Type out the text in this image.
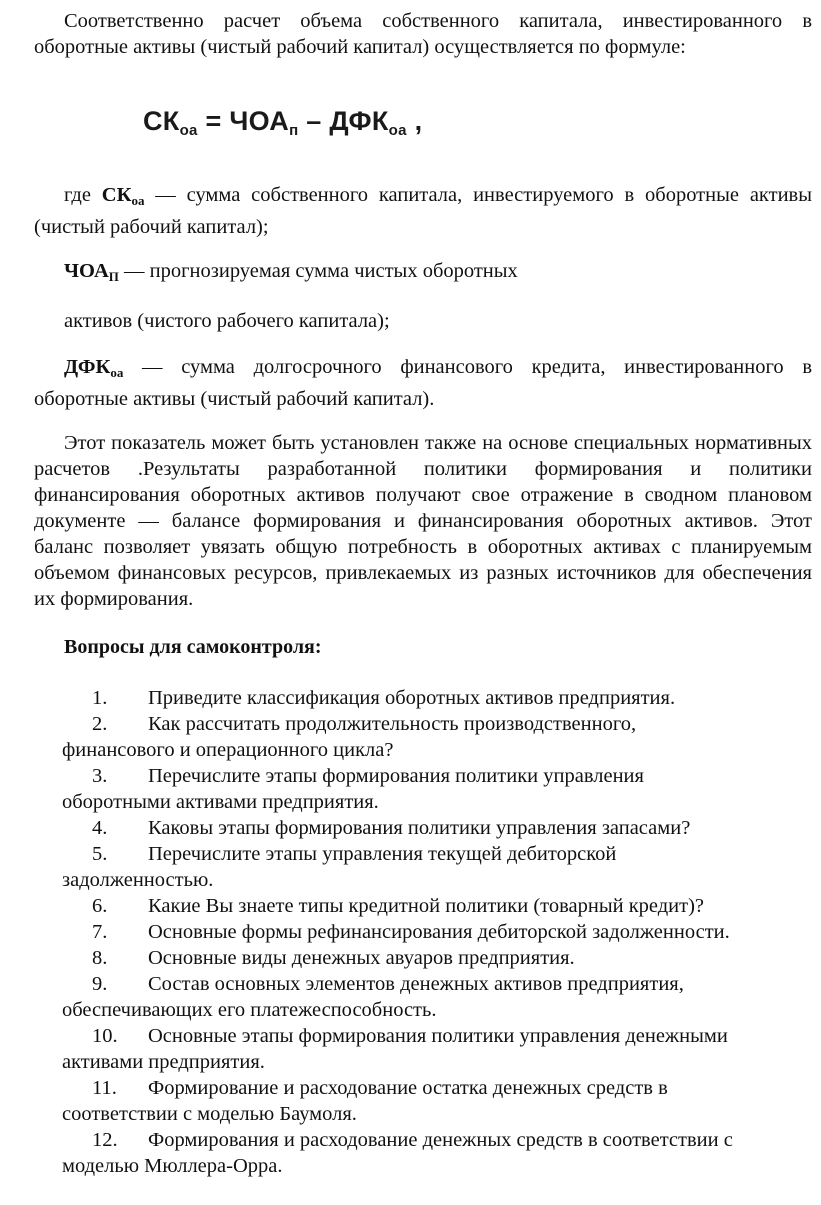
Соответственно расчет объема собственного капитала, инвестированного в оборотные активы (чистый рабочий капитал) осуществляется по формуле:

$СК_{оа} = ЧОА_п - ДФК_{оа}$ ,

где $СК_{оа}$ — сумма собственного капитала, инвестируемого в оборотные активы (чистый рабочий капитал);

$ЧОА_П$ — прогнозируемая сумма чистых оборотных

активов (чистого рабочего капитала);

$ДФК_{оа}$ — сумма долгосрочного финансового кредита, инвестированного в оборотные активы (чистый рабочий капитал).

Этот показатель может быть установлен также на основе специальных нормативных расчетов .Результаты разработанной политики формирования и политики финансирования оборотных активов получают свое отражение в сводном плановом документе — балансе формирования и финансирования оборотных активов. Этот баланс позволяет увязать общую потребность в оборотных активах с планируемым объемом финансовых ресурсов, привлекаемых из разных источников для обеспечения их формирования.

Вопросы для самоконтроля:

1. Приведите классификация оборотных активов предприятия.

2. Как рассчитать продолжительность производственного,
финансового и операционного цикла?

3. Перечислите этапы формирования политики управления
оборотными активами предприятия.

4. Каковы этапы формирования политики управления запасами?

5. Перечислите этапы управления текущей дебиторской
задолженностью.

6. Какие Вы знаете типы кредитной политики (товарный кредит)?

7. Основные формы рефинансирования дебиторской задолженности.

8. Основные виды денежных авуаров предприятия.

9. Состав основных элементов денежных активов предприятия,
обеспечивающих его платежеспособность.

10. Основные этапы формирования политики управления денежными
активами предприятия.

11. Формирование и расходование остатка денежных средств в
соответствии с моделью Баумоля.

12. Формирования и расходование денежных средств в соответствии с
моделью Мюллера-Орра.
